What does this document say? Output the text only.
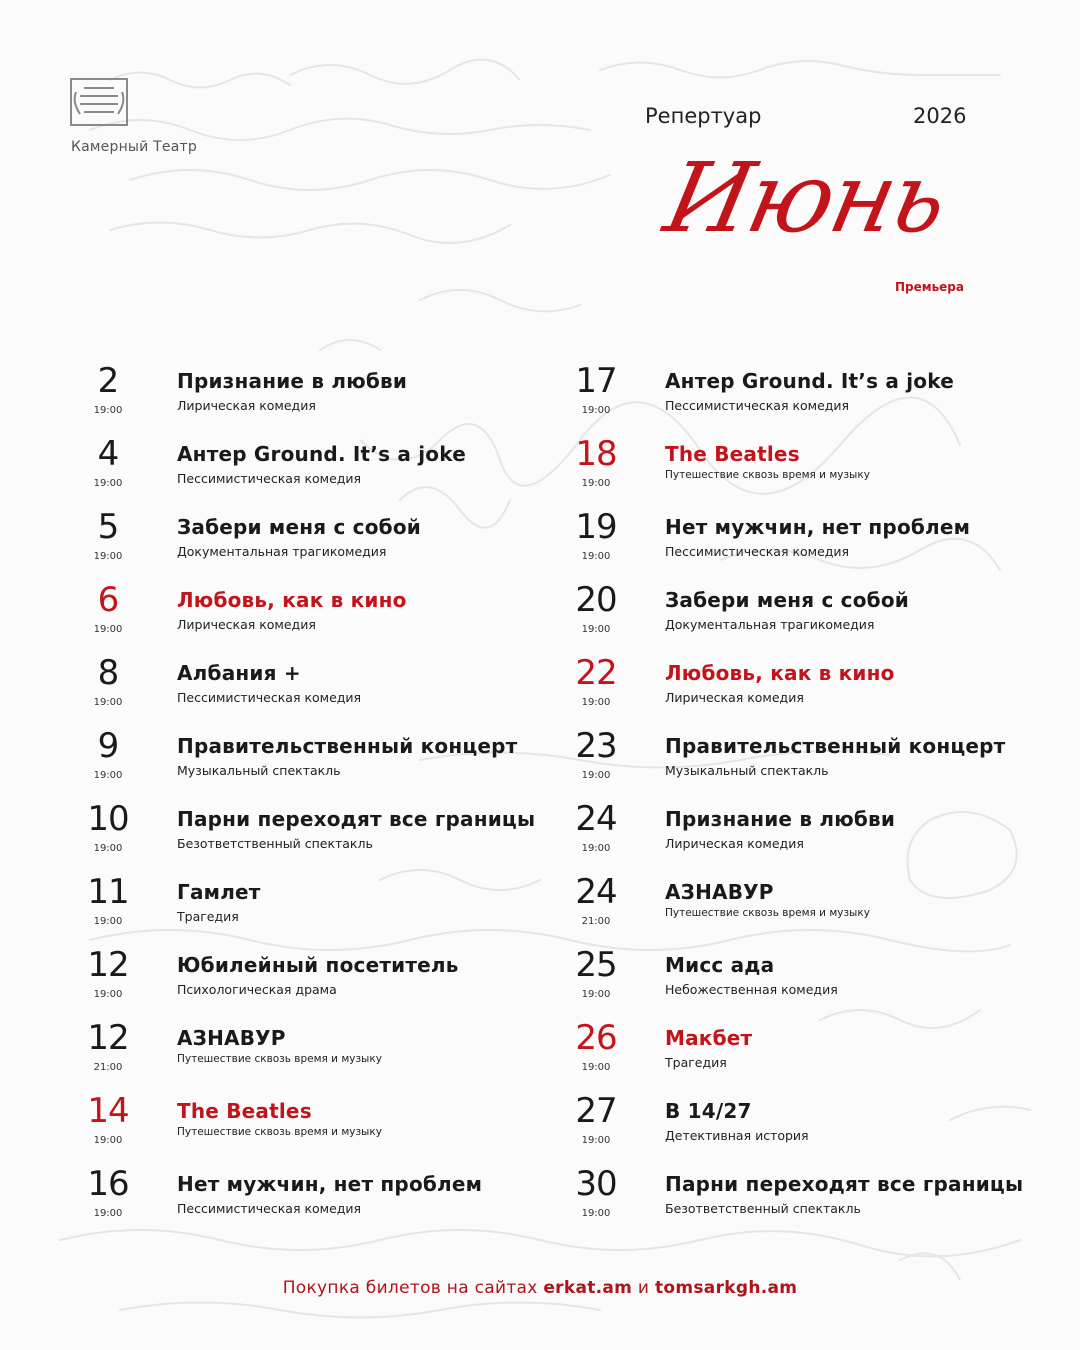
Камерный Театр
Репертуар	2026
Июнь
Премьера
2
19:00
Признание в любви
Лирическая комедия
4
19:00
Антер Ground. It’s a joke
Пессимистическая комедия
5
19:00
Забери меня с собой
Документальная трагикомедия
6
19:00
Любовь, как в кино
Лирическая комедия
8
19:00
Албания +
Пессимистическая комедия
9
19:00
Правительственный концерт
Музыкальный спектакль
10
19:00
Парни переходят все границы
Безответственный спектакль
11
19:00
Гамлет
Трагедия
12
19:00
Юбилейный посетитель
Психологическая драма
12
21:00
АЗНАВУР
Путешествие сквозь время и музыку
14
19:00
The Beatles
Путешествие сквозь время и музыку
16
19:00
Нет мужчин, нет проблем
Пессимистическая комедия
17
19:00
Антер Ground. It’s a joke
Пессимистическая комедия
18
19:00
The Beatles
Путешествие сквозь время и музыку
19
19:00
Нет мужчин, нет проблем
Пессимистическая комедия
20
19:00
Забери меня с собой
Документальная трагикомедия
22
19:00
Любовь, как в кино
Лирическая комедия
23
19:00
Правительственный концерт
Музыкальный спектакль
24
19:00
Признание в любви
Лирическая комедия
24
21:00
АЗНАВУР
Путешествие сквозь время и музыку
25
19:00
Мисс ада
Небожественная комедия
26
19:00
Макбет
Трагедия
27
19:00
В 14/27
Детективная история
30
19:00
Парни переходят все границы
Безответственный спектакль
Покупка билетов на сайтах erkat.am и tomsarkgh.am
